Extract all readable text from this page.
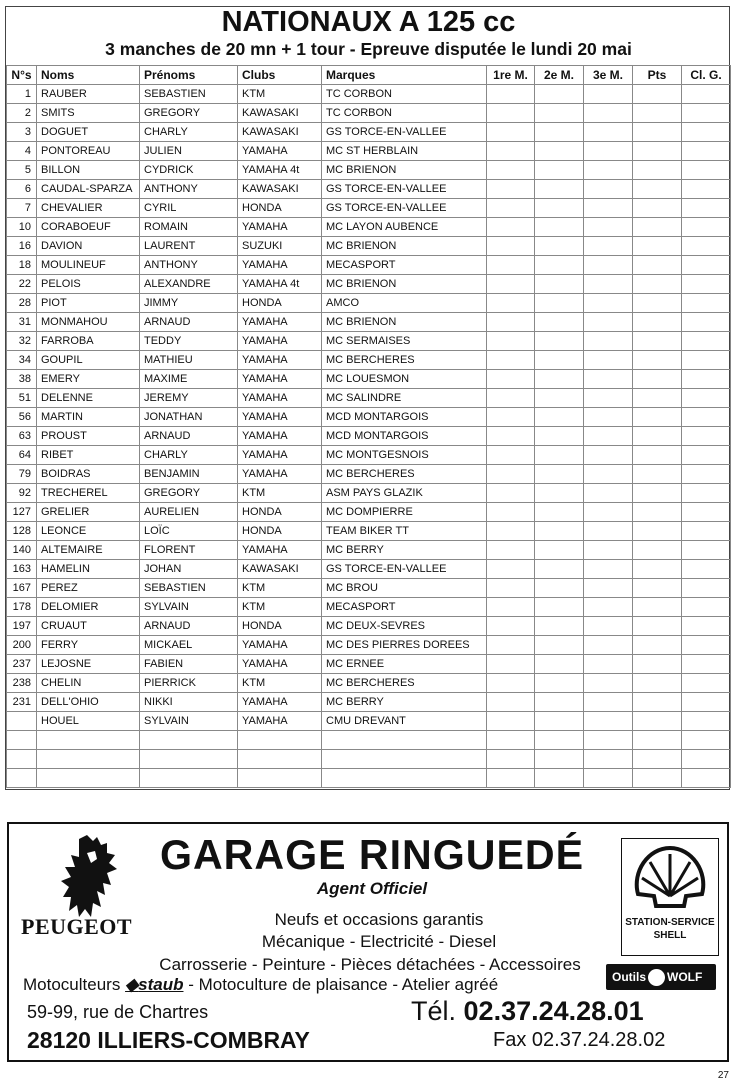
NATIONAUX A 125 cc
3 manches de 20 mn + 1 tour - Epreuve disputée le lundi 20 mai
N°s	Noms	Prénoms	Clubs	Marques	1re M.	2e M.	3e M.	Pts	Cl. G.
1	RAUBER	SEBASTIEN	KTM	TC CORBON					
2	SMITS	GREGORY	KAWASAKI	TC CORBON					
3	DOGUET	CHARLY	KAWASAKI	GS TORCE-EN-VALLEE					
4	PONTOREAU	JULIEN	YAMAHA	MC ST HERBLAIN					
5	BILLON	CYDRICK	YAMAHA 4t	MC BRIENON					
6	CAUDAL-SPARZA	ANTHONY	KAWASAKI	GS TORCE-EN-VALLEE					
7	CHEVALIER	CYRIL	HONDA	GS TORCE-EN-VALLEE					
10	CORABOEUF	ROMAIN	YAMAHA	MC LAYON AUBENCE					
16	DAVION	LAURENT	SUZUKI	MC BRIENON					
18	MOULINEUF	ANTHONY	YAMAHA	MECASPORT					
22	PELOIS	ALEXANDRE	YAMAHA 4t	MC BRIENON					
28	PIOT	JIMMY	HONDA	AMCO					
31	MONMAHOU	ARNAUD	YAMAHA	MC BRIENON					
32	FARROBA	TEDDY	YAMAHA	MC SERMAISES					
34	GOUPIL	MATHIEU	YAMAHA	MC BERCHERES					
38	EMERY	MAXIME	YAMAHA	MC LOUESMON					
51	DELENNE	JEREMY	YAMAHA	MC SALINDRE					
56	MARTIN	JONATHAN	YAMAHA	MCD MONTARGOIS					
63	PROUST	ARNAUD	YAMAHA	MCD MONTARGOIS					
64	RIBET	CHARLY	YAMAHA	MC MONTGESNOIS					
79	BOIDRAS	BENJAMIN	YAMAHA	MC BERCHERES					
92	TRECHEREL	GREGORY	KTM	ASM PAYS GLAZIK					
127	GRELIER	AURELIEN	HONDA	MC DOMPIERRE					
128	LEONCE	LOÏC	HONDA	TEAM BIKER TT					
140	ALTEMAIRE	FLORENT	YAMAHA	MC BERRY					
163	HAMELIN	JOHAN	KAWASAKI	GS TORCE-EN-VALLEE					
167	PEREZ	SEBASTIEN	KTM	MC BROU					
178	DELOMIER	SYLVAIN	KTM	MECASPORT					
197	CRUAUT	ARNAUD	HONDA	MC DEUX-SEVRES					
200	FERRY	MICKAEL	YAMAHA	MC DES PIERRES DOREES					
237	LEJOSNE	FABIEN	YAMAHA	MC ERNEE					
238	CHELIN	PIERRICK	KTM	MC BERCHERES					
231	DELL'OHIO	NIKKI	YAMAHA	MC BERRY					
	HOUEL	SYLVAIN	YAMAHA	CMU DREVANT					

PEUGEOT
GARAGE RINGUEDÉ
Agent Officiel
Neufs et occasions garantis
Mécanique - Electricité - Diesel
Carrosserie - Peinture - Pièces détachées - Accessoires
Motoculteurs ◆staub - Motoculture de plaisance - Atelier agréé
STATION-SERVICE
SHELL
Outils WOLF
59-99, rue de Chartres
28120 ILLIERS-COMBRAY
Tél. 02.37.24.28.01
Fax 02.37.24.28.02
27
